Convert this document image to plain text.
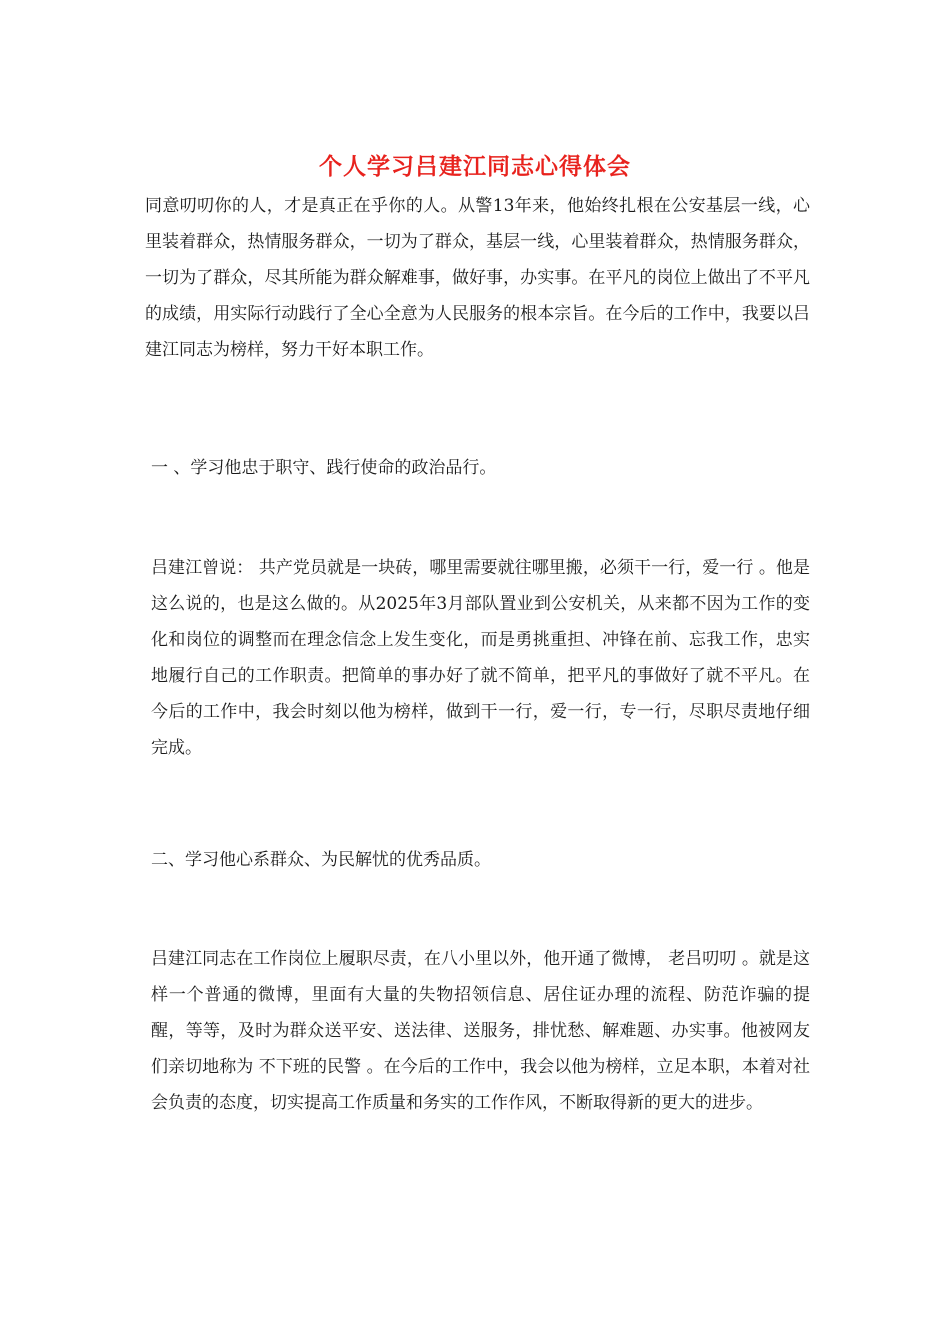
个人学习吕建江同志心得体会

同意叨叨你的人，才是真正在乎你的人。从警13年来，他始终扎根在公安基层一线，心里装着群众，热情服务群众，一切为了群众，基层一线，心里装着群众，热情服务群众，一切为了群众，尽其所能为群众解难事，做好事，办实事。在平凡的岗位上做出了不平凡的成绩，用实际行动践行了全心全意为人民服务的根本宗旨。在今后的工作中，我要以吕建江同志为榜样，努力干好本职工作。

一 、学习他忠于职守、践行使命的政治品行。

吕建江曾说： 共产党员就是一块砖，哪里需要就往哪里搬，必须干一行，爱一行 。他是这么说的，也是这么做的。从2025年3月部队置业到公安机关，从来都不因为工作的变化和岗位的调整而在理念信念上发生变化，而是勇挑重担、冲锋在前、忘我工作，忠实地履行自己的工作职责。把简单的事办好了就不简单，把平凡的事做好了就不平凡。在今后的工作中，我会时刻以他为榜样，做到干一行，爱一行，专一行，尽职尽责地仔细完成。

二、学习他心系群众、为民解忧的优秀品质。

吕建江同志在工作岗位上履职尽责，在八小里以外，他开通了微博， 老吕叨叨 。就是这样一个普通的微博，里面有大量的失物招领信息、居住证办理的流程、防范诈骗的提醒，等等，及时为群众送平安、送法律、送服务，排忧愁、解难题、办实事。他被网友们亲切地称为 不下班的民警 。在今后的工作中，我会以他为榜样，立足本职，本着对社会负责的态度，切实提高工作质量和务实的工作作风，不断取得新的更大的进步。
